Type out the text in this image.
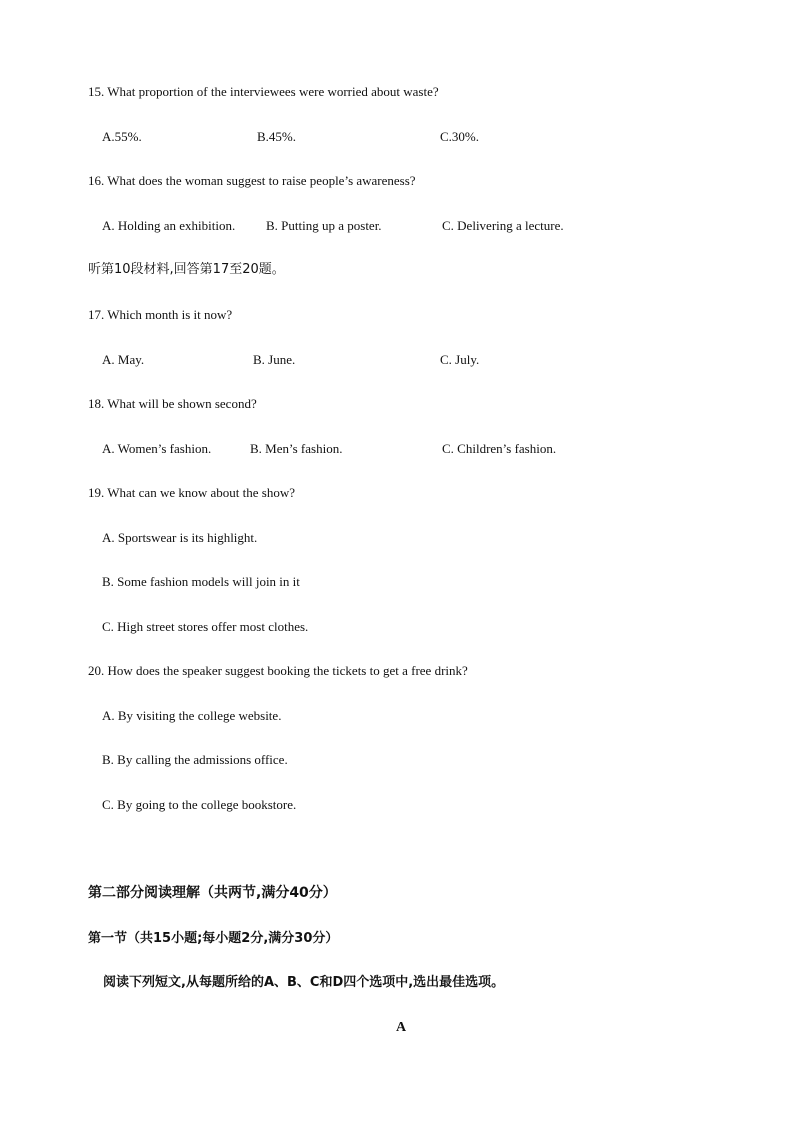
15. What proportion of the interviewees were worried about waste?
A.55%.	B.45%.	C.30%.
16. What does the woman suggest to raise people’s awareness?
A. Holding an exhibition. B. Putting up a poster.	C. Delivering a lecture.
听第10段材料,回答第17至20题。
17. Which month is it now?
A. May.	B. June.	C. July.
18. What will be shown second?
A. Women’s fashion.	B. Men’s fashion.	C. Children’s fashion.
19. What can we know about the show?
A. Sportswear is its highlight.
B. Some fashion models will join in it
C. High street stores offer most clothes.
20. How does the speaker suggest booking the tickets to get a free drink?
A. By visiting the college website.
B. By calling the admissions office.
C. By going to the college bookstore.
第二部分阅读理解（共两节,满分40分）
第一节（共15小题;每小题2分,满分30分）
阅读下列短文,从每题所给的A、B、C和D四个选项中,选出最佳选项。
A
